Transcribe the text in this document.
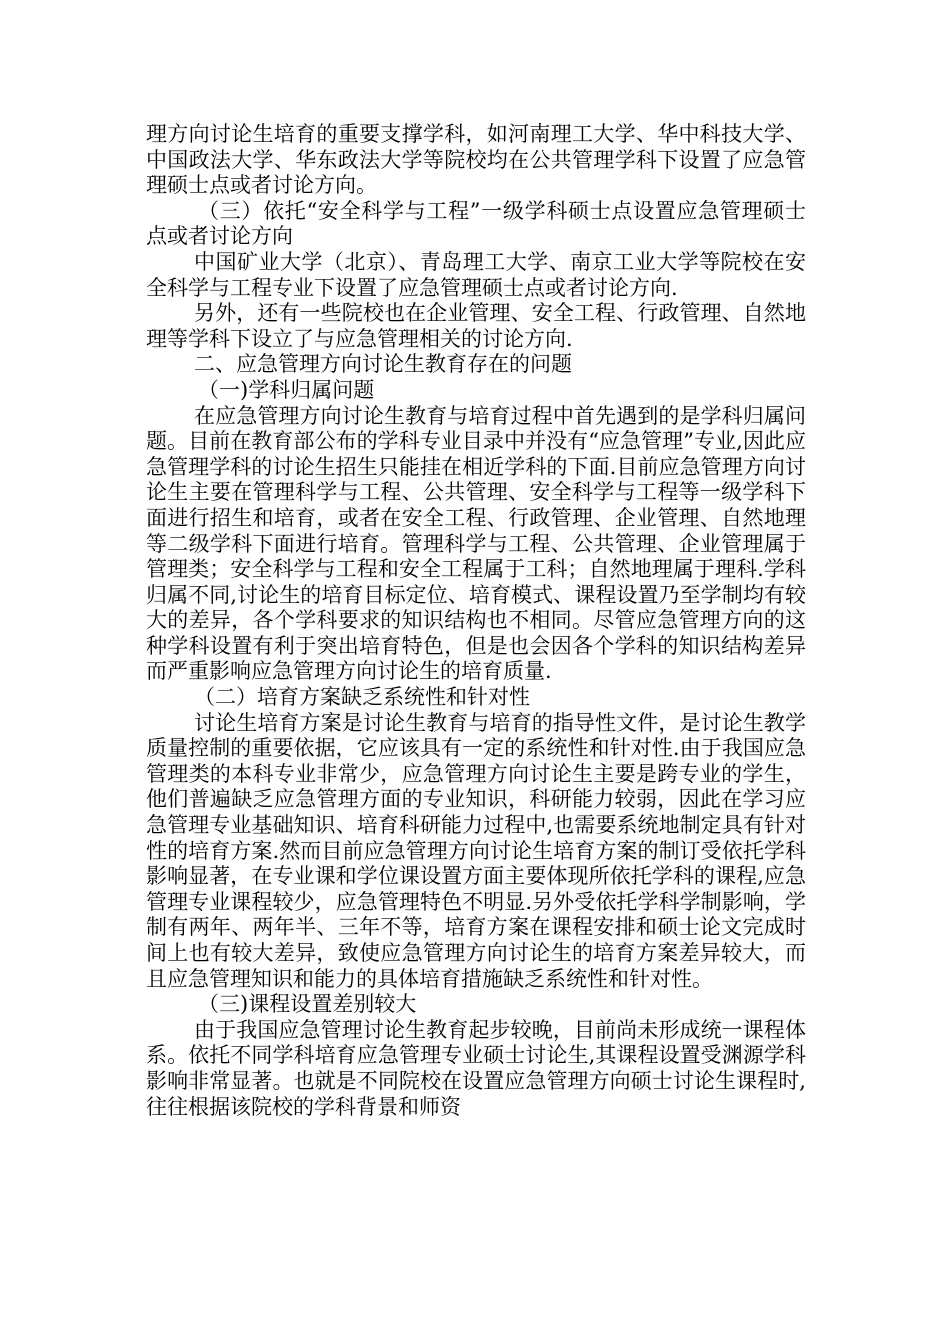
理方向讨论生培育的重要支撑学科，如河南理工大学、华中科技大学、中国政法大学、华东政法大学等院校均在公共管理学科下设置了应急管理硕士点或者讨论方向。

（三）依托“安全科学与工程”一级学科硕士点设置应急管理硕士点或者讨论方向

中国矿业大学（北京）、青岛理工大学、南京工业大学等院校在安全科学与工程专业下设置了应急管理硕士点或者讨论方向.

另外，还有一些院校也在企业管理、安全工程、行政管理、自然地理等学科下设立了与应急管理相关的讨论方向.

二、应急管理方向讨论生教育存在的问题

（一)学科归属问题

在应急管理方向讨论生教育与培育过程中首先遇到的是学科归属问题。目前在教育部公布的学科专业目录中并没有“应急管理”专业,因此应急管理学科的讨论生招生只能挂在相近学科的下面.目前应急管理方向讨论生主要在管理科学与工程、公共管理、安全科学与工程等一级学科下面进行招生和培育，或者在安全工程、行政管理、企业管理、自然地理等二级学科下面进行培育。管理科学与工程、公共管理、企业管理属于管理类；安全科学与工程和安全工程属于工科；自然地理属于理科.学科归属不同,讨论生的培育目标定位、培育模式、课程设置乃至学制均有较大的差异，各个学科要求的知识结构也不相同。尽管应急管理方向的这种学科设置有利于突出培育特色，但是也会因各个学科的知识结构差异而严重影响应急管理方向讨论生的培育质量.

（二）培育方案缺乏系统性和针对性

讨论生培育方案是讨论生教育与培育的指导性文件，是讨论生教学质量控制的重要依据，它应该具有一定的系统性和针对性.由于我国应急管理类的本科专业非常少，应急管理方向讨论生主要是跨专业的学生，他们普遍缺乏应急管理方面的专业知识，科研能力较弱，因此在学习应急管理专业基础知识、培育科研能力过程中,也需要系统地制定具有针对性的培育方案.然而目前应急管理方向讨论生培育方案的制订受依托学科影响显著，在专业课和学位课设置方面主要体现所依托学科的课程,应急管理专业课程较少，应急管理特色不明显.另外受依托学科学制影响，学制有两年、两年半、三年不等，培育方案在课程安排和硕士论文完成时间上也有较大差异，致使应急管理方向讨论生的培育方案差异较大，而且应急管理知识和能力的具体培育措施缺乏系统性和针对性。

（三)课程设置差别较大

由于我国应急管理讨论生教育起步较晚，目前尚未形成统一课程体系。依托不同学科培育应急管理专业硕士讨论生,其课程设置受渊源学科影响非常显著。也就是不同院校在设置应急管理方向硕士讨论生课程时,往往根据该院校的学科背景和师资
